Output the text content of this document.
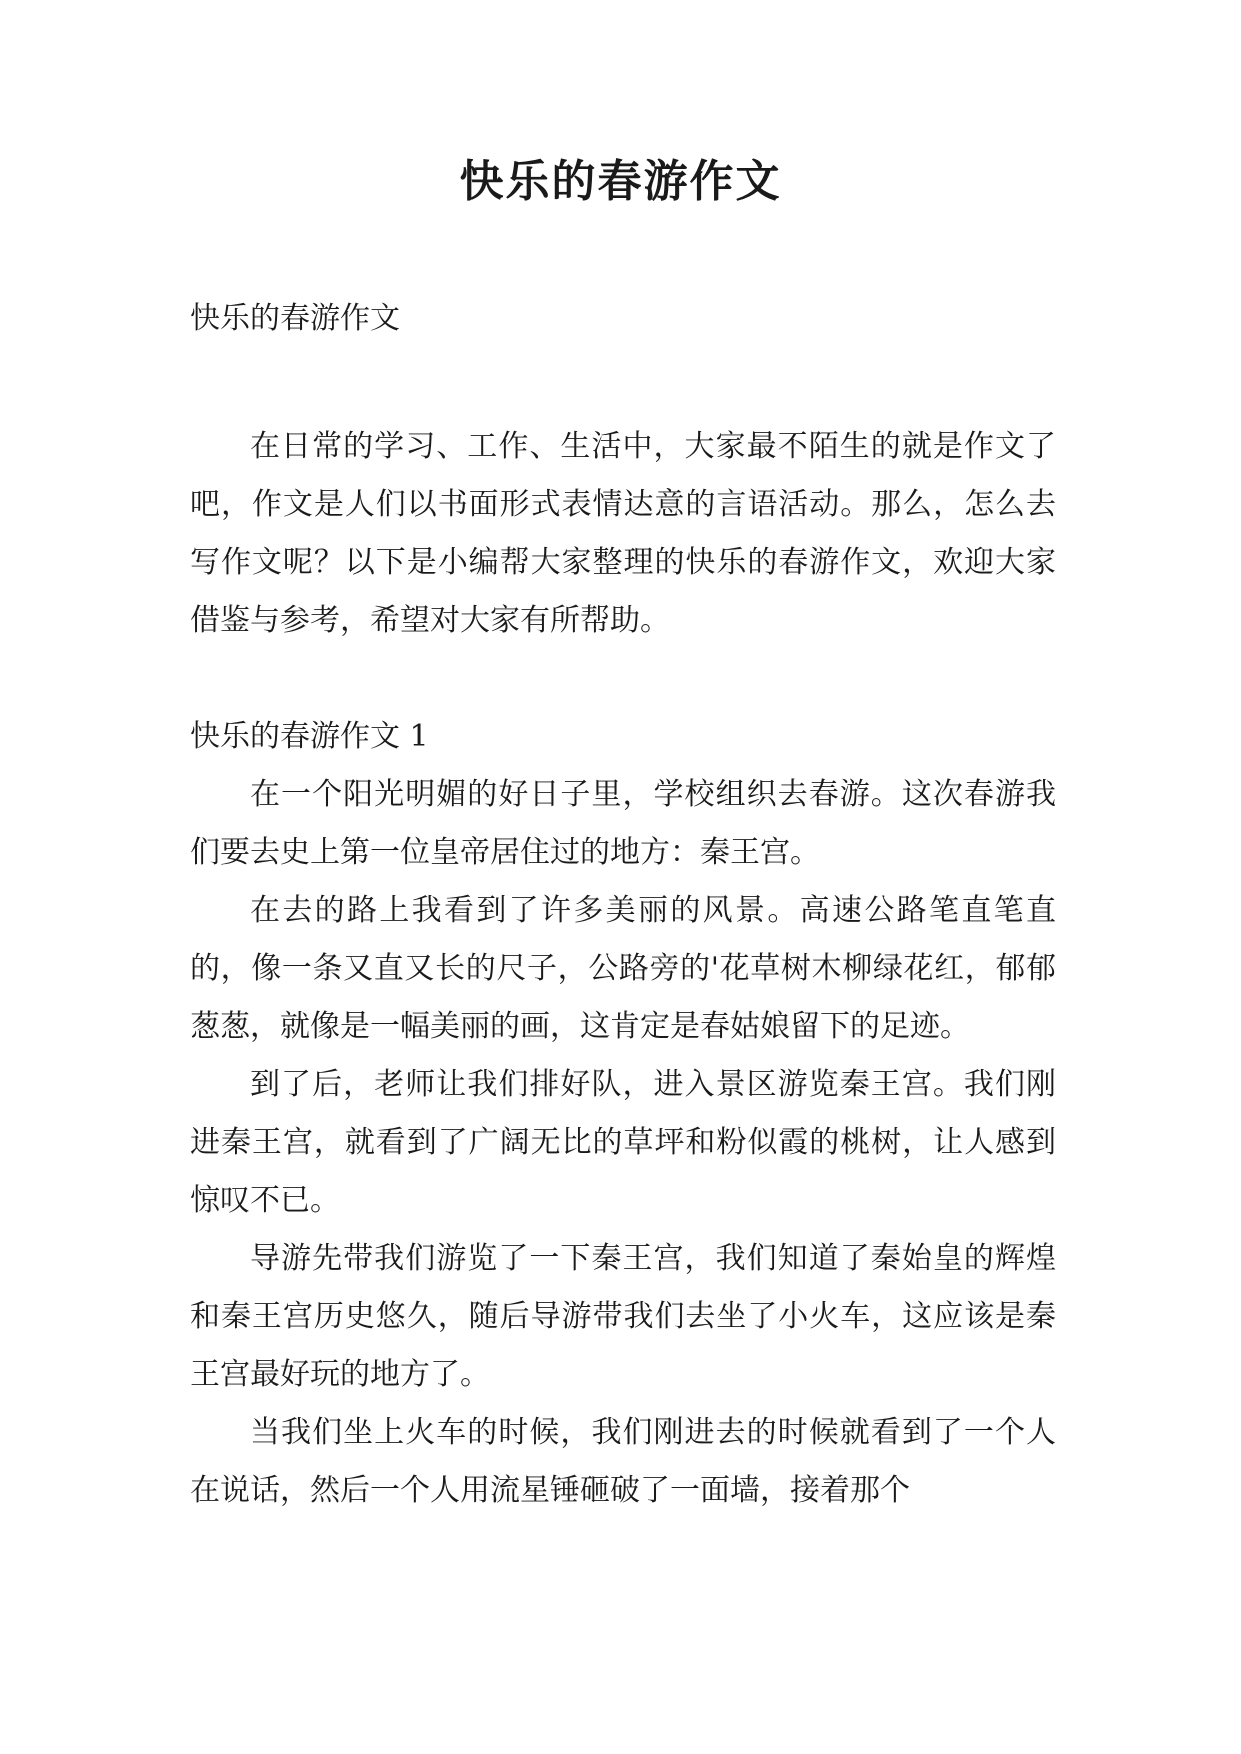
快乐的春游作文

快乐的春游作文

在日常的学习、工作、生活中，大家最不陌生的就是作文了吧，作文是人们以书面形式表情达意的言语活动。那么，怎么去写作文呢？以下是小编帮大家整理的快乐的春游作文，欢迎大家借鉴与参考，希望对大家有所帮助。

快乐的春游作文 1

在一个阳光明媚的好日子里，学校组织去春游。这次春游我们要去史上第一位皇帝居住过的地方：秦王宫。

在去的路上我看到了许多美丽的风景。高速公路笔直笔直的，像一条又直又长的尺子，公路旁的'花草树木柳绿花红，郁郁葱葱，就像是一幅美丽的画，这肯定是春姑娘留下的足迹。

到了后，老师让我们排好队，进入景区游览秦王宫。我们刚进秦王宫，就看到了广阔无比的草坪和粉似霞的桃树，让人感到惊叹不已。

导游先带我们游览了一下秦王宫，我们知道了秦始皇的辉煌和秦王宫历史悠久，随后导游带我们去坐了小火车，这应该是秦王宫最好玩的地方了。

当我们坐上火车的时候，我们刚进去的时候就看到了一个人在说话，然后一个人用流星锤砸破了一面墙，接着那个
